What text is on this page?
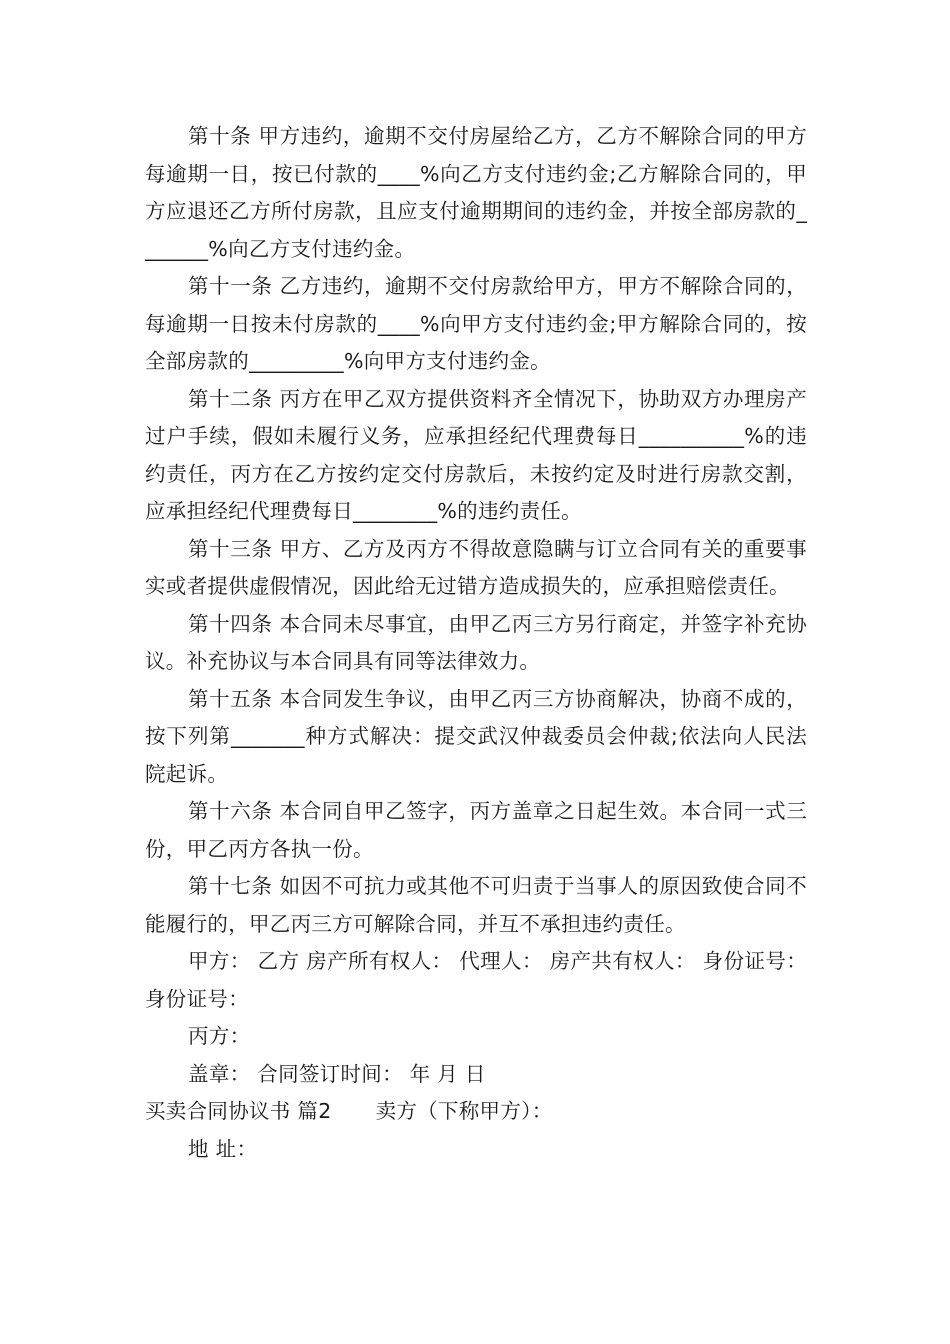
第十条 甲方违约，逾期不交付房屋给乙方，乙方不解除合同的甲方每逾期一日，按已付款的____%向乙方支付违约金;乙方解除合同的，甲方应退还乙方所付房款，且应支付逾期期间的违约金，并按全部房款的_______%向乙方支付违约金。

第十一条 乙方违约，逾期不交付房款给甲方，甲方不解除合同的，每逾期一日按未付房款的____%向甲方支付违约金;甲方解除合同的，按全部房款的_________%向甲方支付违约金。

第十二条 丙方在甲乙双方提供资料齐全情况下，协助双方办理房产过户手续，假如未履行义务，应承担经纪代理费每日__________%的违约责任，丙方在乙方按约定交付房款后，未按约定及时进行房款交割，应承担经纪代理费每日________%的违约责任。

第十三条 甲方、乙方及丙方不得故意隐瞒与订立合同有关的重要事实或者提供虚假情况，因此给无过错方造成损失的，应承担赔偿责任。

第十四条 本合同未尽事宜，由甲乙丙三方另行商定，并签字补充协议。补充协议与本合同具有同等法律效力。

第十五条 本合同发生争议，由甲乙丙三方协商解决，协商不成的，按下列第_______种方式解决：提交武汉仲裁委员会仲裁;依法向人民法院起诉。

第十六条 本合同自甲乙签字，丙方盖章之日起生效。本合同一式三份，甲乙丙方各执一份。

第十七条 如因不可抗力或其他不可归责于当事人的原因致使合同不能履行的，甲乙丙三方可解除合同，并互不承担违约责任。

甲方： 乙方 房产所有权人： 代理人： 房产共有权人： 身份证号： 身份证号：

丙方：

盖章： 合同签订时间： 年 月 日

买卖合同协议书 篇2 卖方（下称甲方）：

地 址：
